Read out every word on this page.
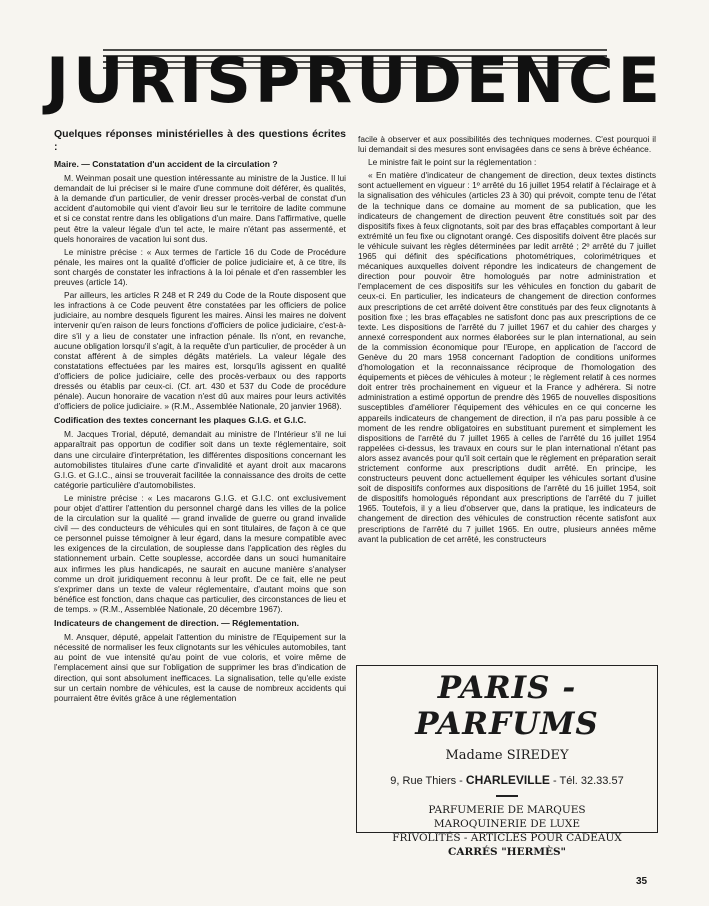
JURISPRUDENCE
Quelques réponses ministérielles à des questions écrites :
Maire. — Constatation d'un accident de la circulation ?

M. Weinman posait une question intéressante au ministre de la Justice. Il lui demandait de lui préciser si le maire d'une commune doit déférer, ès qualités, à la demande d'un particulier, de venir dresser procès-verbal de constat d'un accident d'automobile qui vient d'avoir lieu sur le territoire de ladite commune et si ce constat rentre dans les obligations d'un maire. Dans l'affirmative, quelle peut être la valeur légale d'un tel acte, le maire n'étant pas assermenté, et quels honoraires de vacation lui sont dus.

Le ministre précise : « Aux termes de l'article 16 du Code de Procédure pénale, les maires ont la qualité d'officier de police judiciaire et, à ce titre, ils sont chargés de constater les infractions à la loi pénale et d'en rassembler les preuves (article 14).

Par ailleurs, les articles R 248 et R 249 du Code de la Route disposent que les infractions à ce Code peuvent être constatées par les officiers de police judiciaire, au nombre desquels figurent les maires. Ainsi les maires ne doivent intervenir qu'en raison de leurs fonctions d'officiers de police judiciaire, c'est-à-dire s'il y a lieu de constater une infraction pénale. Ils n'ont, en revanche, aucune obligation lorsqu'il s'agit, à la requête d'un particulier, de procéder à un constat afférent à de simples dégâts matériels. La valeur légale des constatations effectuées par les maires est, lorsqu'ils agissent en qualité d'officiers de police judiciaire, celle des procès-verbaux ou des rapports dressés ou établis par ceux-ci. (Cf. art. 430 et 537 du Code de procédure pénale). Aucun honoraire de vacation n'est dû aux maires pour leurs activités d'officiers de police judiciaire. » (R.M., Assemblée Nationale, 20 janvier 1968).

Codification des textes concernant les plaques G.I.G. et G.I.C.

M. Jacques Trorial, député, demandait au ministre de l'Intérieur s'il ne lui apparaîtrait pas opportun de codifier soit dans un texte réglementaire, soit dans une circulaire d'interprétation, les différentes dispositions concernant les automobilistes titulaires d'une carte d'invalidité et ayant droit aux macarons G.I.G. et G.I.C., ainsi se trouverait facilitée la connaissance des droits de cette catégorie particulière d'automobilistes.

Le ministre précise : « Les macarons G.I.G. et G.I.C. ont exclusivement pour objet d'attirer l'attention du personnel chargé dans les villes de la police de la circulation sur la qualité — grand invalide de guerre ou grand invalide civil — des conducteurs de véhicules qui en sont titulaires, de façon à ce que ce personnel puisse témoigner à leur égard, dans la mesure compatible avec les exigences de la circulation, de souplesse dans l'application des règles du stationnement urbain. Cette souplesse, accordée dans un souci humanitaire aux infirmes les plus handicapés, ne saurait en aucune manière s'analyser comme un droit juridiquement reconnu à leur profit. De ce fait, elle ne peut s'exprimer dans un texte de valeur réglementaire, d'autant moins que son bénéfice est fonction, dans chaque cas particulier, des circonstances de lieu et de temps. » (R.M., Assemblée Nationale, 20 décembre 1967).

Indicateurs de changement de direction. — Réglementation.

M. Ansquer, député, appelait l'attention du ministre de l'Equipement sur la nécessité de normaliser les feux clignotants sur les véhicules automobiles, tant au point de vue intensité qu'au point de vue coloris, et voire même de l'emplacement ainsi que sur l'obligation de supprimer les bras d'indication de direction, qui sont absolument inefficaces. La signalisation, telle qu'elle existe sur un certain nombre de véhicules, est la cause de nombreux accidents qui pourraient être évités grâce à une réglementation

facile à observer et aux possibilités des techniques modernes. C'est pourquoi il lui demandait si des mesures sont envisagées dans ce sens à brève échéance.

Le ministre fait le point sur la réglementation :

« En matière d'indicateur de changement de direction, deux textes distincts sont actuellement en vigueur : 1º arrêté du 16 juillet 1954 relatif à l'éclairage et à la signalisation des véhicules (articles 23 à 30) qui prévoit, compte tenu de l'état de la technique dans ce domaine au moment de sa publication, que les indicateurs de changement de direction peuvent être constitués soit par des dispositifs fixes à feux clignotants, soit par des bras effaçables comportant à leur extrémité un feu fixe ou clignotant orangé. Ces dispositifs doivent être placés sur le véhicule suivant les règles déterminées par ledit arrêté ; 2º arrêté du 7 juillet 1965 qui définit des spécifications photométriques, colorimétriques et mécaniques auxquelles doivent répondre les indicateurs de changement de direction pour pouvoir être homologués par notre administration et l'emplacement de ces dispositifs sur les véhicules en fonction du gabarit de ceux-ci. En particulier, les indicateurs de changement de direction conformes aux prescriptions de cet arrêté doivent être constitués par des feux clignotants à position fixe ; les bras effaçables ne satisfont donc pas aux prescriptions de ce texte. Les dispositions de l'arrêté du 7 juillet 1967 et du cahier des charges y annexé correspondent aux normes élaborées sur le plan international, au sein de la commission économique pour l'Europe, en application de l'accord de Genève du 20 mars 1958 concernant l'adoption de conditions uniformes d'homologation et la reconnaissance réciproque de l'homologation des équipements et pièces de véhicules à moteur ; le règlement relatif à ces normes doit entrer très prochainement en vigueur et la France y adhérera. Si notre administration a estimé opportun de prendre dès 1965 de nouvelles dispositions susceptibles d'améliorer l'équipement des véhicules en ce qui concerne les appareils indicateurs de changement de direction, il n'a pas paru possible à ce moment de les rendre obligatoires en substituant purement et simplement les dispositions de l'arrêté du 7 juillet 1965 à celles de l'arrêté du 16 juillet 1954 rappelées ci-dessus, les travaux en cours sur le plan international n'étant pas alors assez avancés pour qu'il soit certain que le règlement en préparation serait strictement conforme aux prescriptions dudit arrêté. En principe, les constructeurs peuvent donc actuellement équiper les véhicules sortant d'usine soit de dispositifs conformes aux dispositions de l'arrêté du 16 juillet 1954, soit de dispositifs homologués répondant aux prescriptions de l'arrêté du 7 juillet 1965. Toutefois, il y a lieu d'observer que, dans la pratique, les indicateurs de changement de direction des véhicules de construction récente satisfont aux prescriptions de l'arrêté du 7 juillet 1965. En outre, plusieurs années même avant la publication de cet arrêté, les constructeurs

PARIS - PARFUMS
Madame SIREDEY
9, Rue Thiers - CHARLEVILLE - Tél. 32.33.57
PARFUMERIE DE MARQUES
MAROQUINERIE DE LUXE
FRIVOLITÉS - ARTICLES POUR CADEAUX
CARRÉS "HERMÈS"
35
